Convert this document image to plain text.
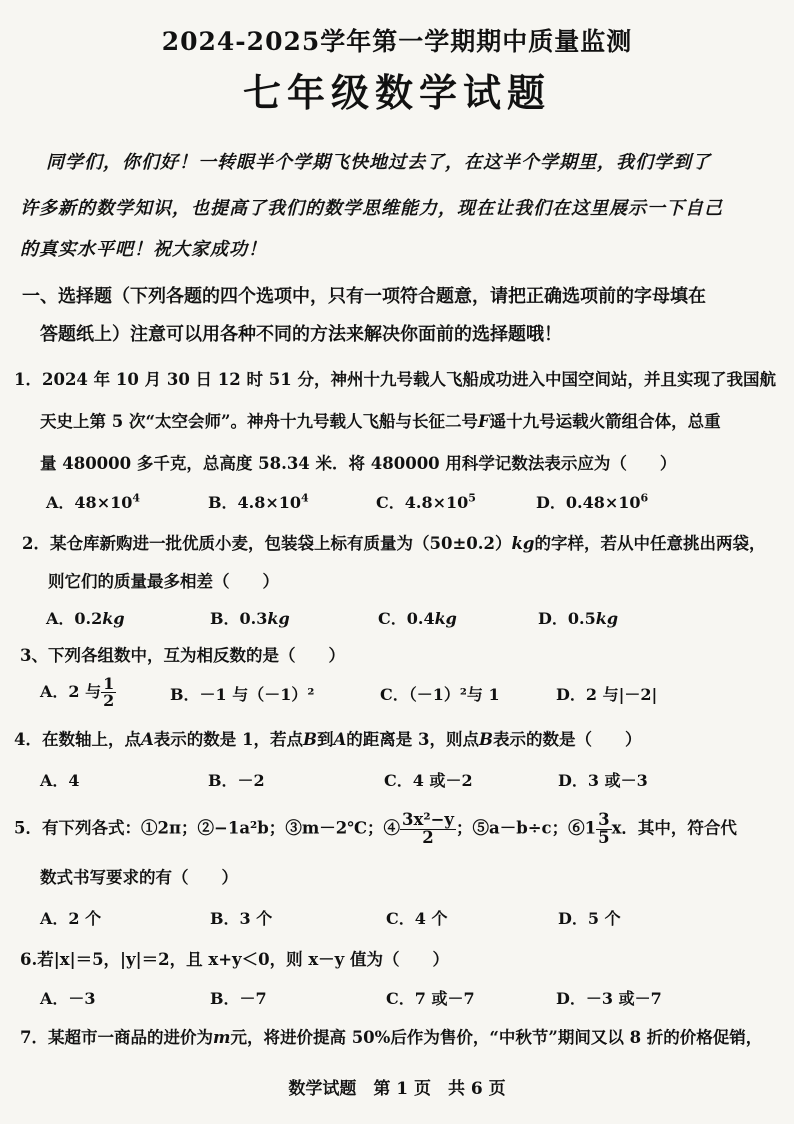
2024-2025学年第一学期期中质量监测
七年级数学试题
同学们，你们好！一转眼半个学期飞快地过去了，在这半个学期里，我们学到了
许多新的数学知识，也提高了我们的数学思维能力，现在让我们在这里展示一下自己
的真实水平吧！祝大家成功！
一、选择题（下列各题的四个选项中，只有一项符合题意，请把正确选项前的字母填在
答题纸上）注意可以用各种不同的方法来解决你面前的选择题哦！
1．2024 年 10 月 30 日 12 时 51 分，神州十九号载人飞船成功进入中国空间站，并且实现了我国航
天史上第 5 次“太空会师”。神舟十九号载人飞船与长征二号F遥十九号运载火箭组合体，总重
量 480000 多千克，总高度 58.34 米．将 480000 用科学记数法表示应为（　　）
A．$48\times 10^4$	B．$4.8\times 10^4$	C．$4.8\times 10^5$	D．$0.48\times 10^6$
2．某仓库新购进一批优质小麦，包装袋上标有质量为（50±0.2）kg的字样，若从中任意挑出两袋，
则它们的质量最多相差（　　）
A．0.2kg	B．0.3kg	C．0.4kg	D．0.5kg
3、下列各组数中，互为相反数的是（　　）
A．2 与 $\frac{1}{2}$	B．－1 与（－1）²	C．（－1）²与 1	D．2 与|－2|
4．在数轴上，点A表示的数是 1，若点B到A的距离是 3，则点B表示的数是（　　）
A．4	B．－2	C．4 或－2	D．3 或－3
5．有下列各式：①2π；②−1a²b；③m－2℃；④ $\frac{\text{3x²−y}}{2}$ ；⑤a－b÷c；⑥1 $\frac{3}{5}$ x．其中，符合代
数式书写要求的有（　　）
A．2 个	B．3 个	C．4 个	D．5 个
6.若|x|＝5，|y|＝2，且 x+y＜0，则 x－y 值为（　　）
A．－3	B．－7	C．7 或－7	D．－3 或－7
7．某超市一商品的进价为m元，将进价提高 50%后作为售价，“中秋节”期间又以 8 折的价格促销，
数学试题　第 1 页　共 6 页
